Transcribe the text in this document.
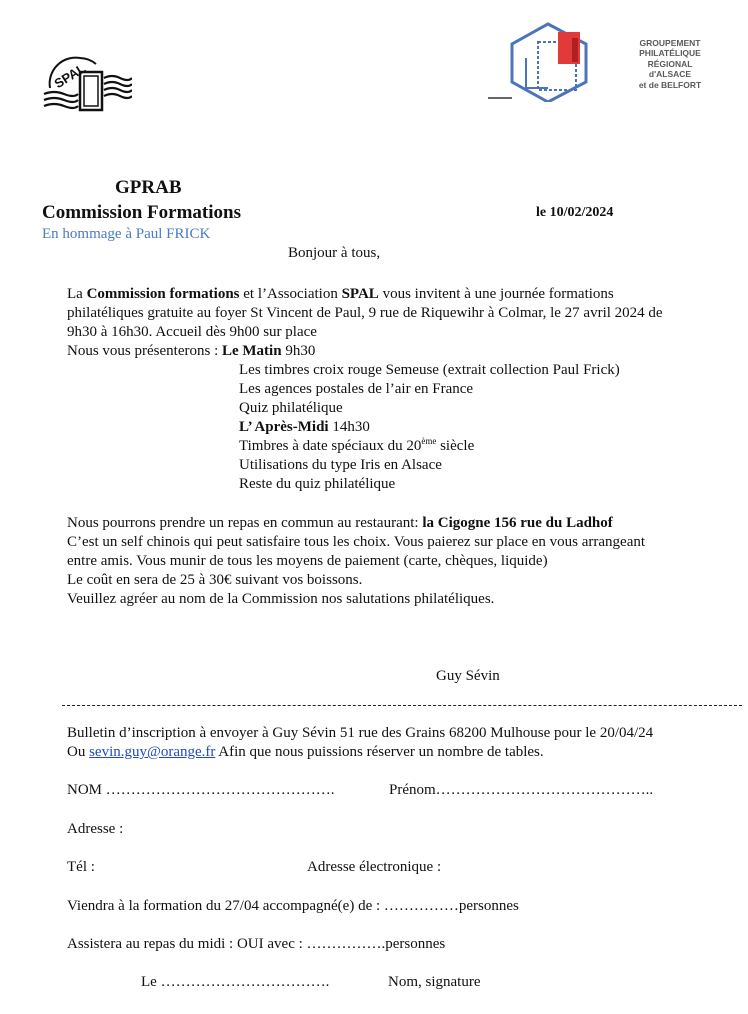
SPAL
GROUPEMENT
PHILATÉLIQUE
RÉGIONAL
d'ALSACE
et de BELFORT
GPRAB
Commission Formations	le 10/02/2024
En hommage à Paul FRICK
Bonjour à tous,
La Commission formations et l’Association SPAL vous invitent à une journée formations
philatéliques gratuite au foyer St Vincent de Paul, 9 rue de Riquewihr à Colmar, le 27 avril 2024 de
9h30 à 16h30. Accueil dès 9h00 sur place
Nous vous présenterons : Le Matin 9h30
Les timbres croix rouge Semeuse (extrait collection Paul Frick)
Les agences postales de l’air en France
Quiz philatélique
L’ Après-Midi 14h30
Timbres à date spéciaux du 20ème siècle
Utilisations du type Iris en Alsace
Reste du quiz philatélique
Nous pourrons prendre un repas en commun au restaurant: la Cigogne 156 rue du Ladhof
C’est un self chinois qui peut satisfaire tous les choix. Vous paierez sur place en vous arrangeant
entre amis. Vous munir de tous les moyens de paiement (carte, chèques, liquide)
Le coût en sera de 25 à 30€ suivant vos boissons.
Veuillez agréer au nom de la Commission nos salutations philatéliques.
Guy Sévin
Bulletin d’inscription à envoyer à Guy Sévin 51 rue des Grains 68200 Mulhouse pour le 20/04/24
Ou sevin.guy@orange.fr Afin que nous puissions réserver un nombre de tables.
NOM ……………………………………….	Prénom……………………………………..
Adresse :
Tél :	Adresse électronique :
Viendra à la formation du 27/04 accompagné(e) de : ……………personnes
Assistera au repas du midi : OUI avec : …………….personnes
Le …………………………….	Nom, signature
